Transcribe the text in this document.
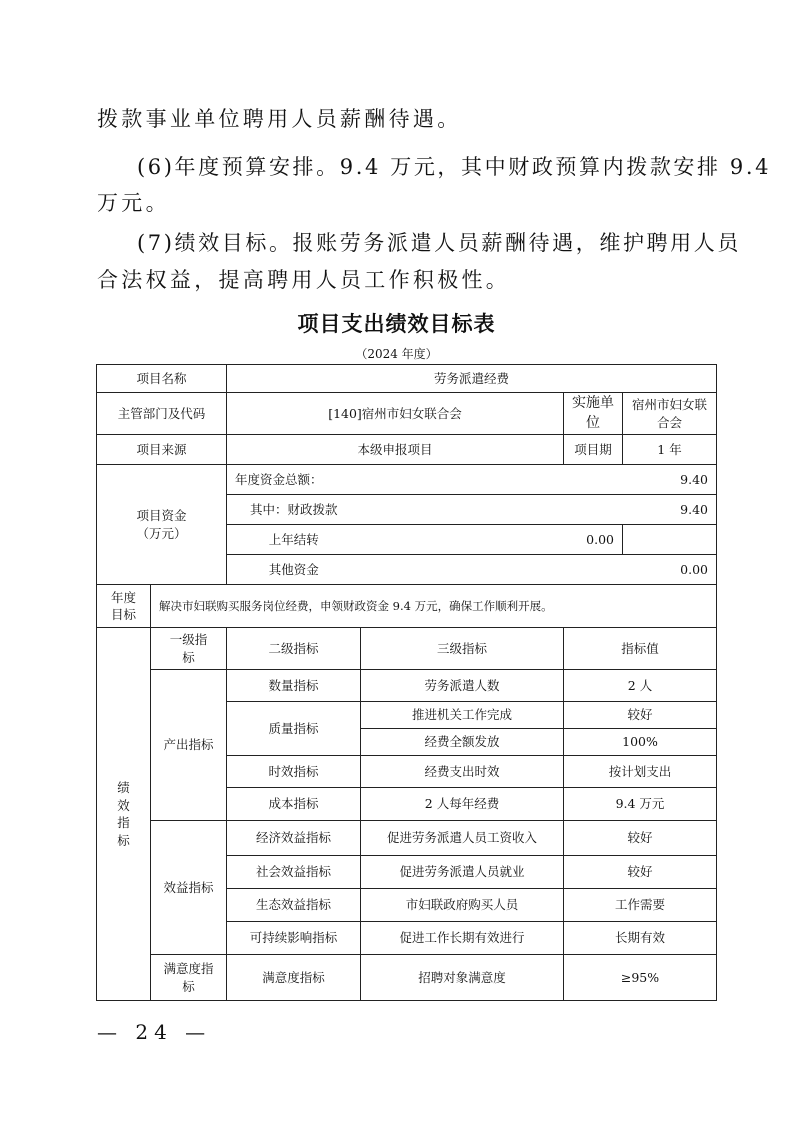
拨款事业单位聘用人员薪酬待遇。
(6)年度预算安排。9.4 万元，其中财政预算内拨款安排 9.4
万元。
(7)绩效目标。报账劳务派遣人员薪酬待遇，维护聘用人员
合法权益，提高聘用人员工作积极性。
项目支出绩效目标表
（2024 年度）
项目名称		劳务派遣经费			
主管部门及代码		[140]宿州市妇女联合会		实施单位	宿州市妇女联合会
项目来源		本级申报项目		项目期	1 年

项目资金
（万元）		年度资金总额：	9.40		
		其中：财政拨款	9.40		
		上年结转	0.00		
		其他资金	0.00		
年度目标	解决市妇联购买服务岗位经费，申领财政资金 9.4 万元，确保工作顺利开展。				
绩效指标	一级指标	二级指标	三级指标	指标值	
	产出指标	数量指标	劳务派遣人数	2 人	
		质量指标	推进机关工作完成	较好	
			经费全额发放	100%	
		时效指标	经费支出时效	按计划支出	
		成本指标	2 人每年经费	9.4 万元	
	效益指标	经济效益指标	促进劳务派遣人员工资收入	较好	
		社会效益指标	促进劳务派遣人员就业	较好	
		生态效益指标	市妇联政府购买人员	工作需要	
		可持续影响指标	促进工作长期有效进行	长期有效	
	满意度指标	满意度指标	招聘对象满意度	≥95%	
— 24 —
